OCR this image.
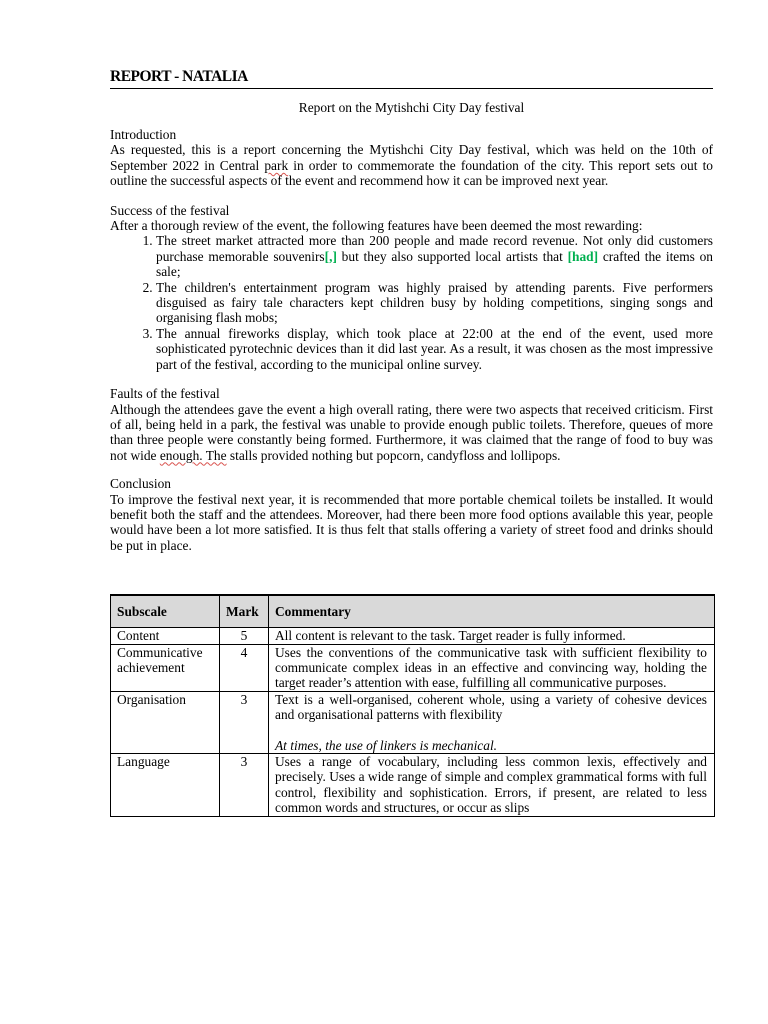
REPORT - NATALIA
Report on the Mytishchi City Day festival
Introduction
As requested, this is a report concerning the Mytishchi City Day festival, which was held on the 10th of September 2022 in Central park in order to commemorate the foundation of the city. This report sets out to outline the successful aspects of the event and recommend how it can be improved next year.
Success of the festival
After a thorough review of the event, the following features have been deemed the most rewarding:
1. The street market attracted more than 200 people and made record revenue. Not only did customers purchase memorable souvenirs[,] but they also supported local artists that [had] crafted the items on sale;
2. The children's entertainment program was highly praised by attending parents. Five performers disguised as fairy tale characters kept children busy by holding competitions, singing songs and organising flash mobs;
3. The annual fireworks display, which took place at 22:00 at the end of the event, used more sophisticated pyrotechnic devices than it did last year. As a result, it was chosen as the most impressive part of the festival, according to the municipal online survey.
Faults of the festival
Although the attendees gave the event a high overall rating, there were two aspects that received criticism. First of all, being held in a park, the festival was unable to provide enough public toilets. Therefore, queues of more than three people were constantly being formed. Furthermore, it was claimed that the range of food to buy was not wide enough. The stalls provided nothing but popcorn, candyfloss and lollipops.
Conclusion
To improve the festival next year, it is recommended that more portable chemical toilets be installed. It would benefit both the staff and the attendees. Moreover, had there been more food options available this year, people would have been a lot more satisfied. It is thus felt that stalls offering a variety of street food and drinks should be put in place.
Subscale	Mark	Commentary
Content	5	All content is relevant to the task. Target reader is fully informed.
Communicative achievement	4	Uses the conventions of the communicative task with sufficient flexibility to communicate complex ideas in an effective and convincing way, holding the target reader’s attention with ease, fulfilling all communicative purposes.
Organisation	3	Text is a well-organised, coherent whole, using a variety of cohesive devices and organisational patterns with flexibility
At times, the use of linkers is mechanical.

Language	3	Uses a range of vocabulary, including less common lexis, effectively and precisely. Uses a wide range of simple and complex grammatical forms with full control, flexibility and sophistication. Errors, if present, are related to less common words and structures, or occur as slips
